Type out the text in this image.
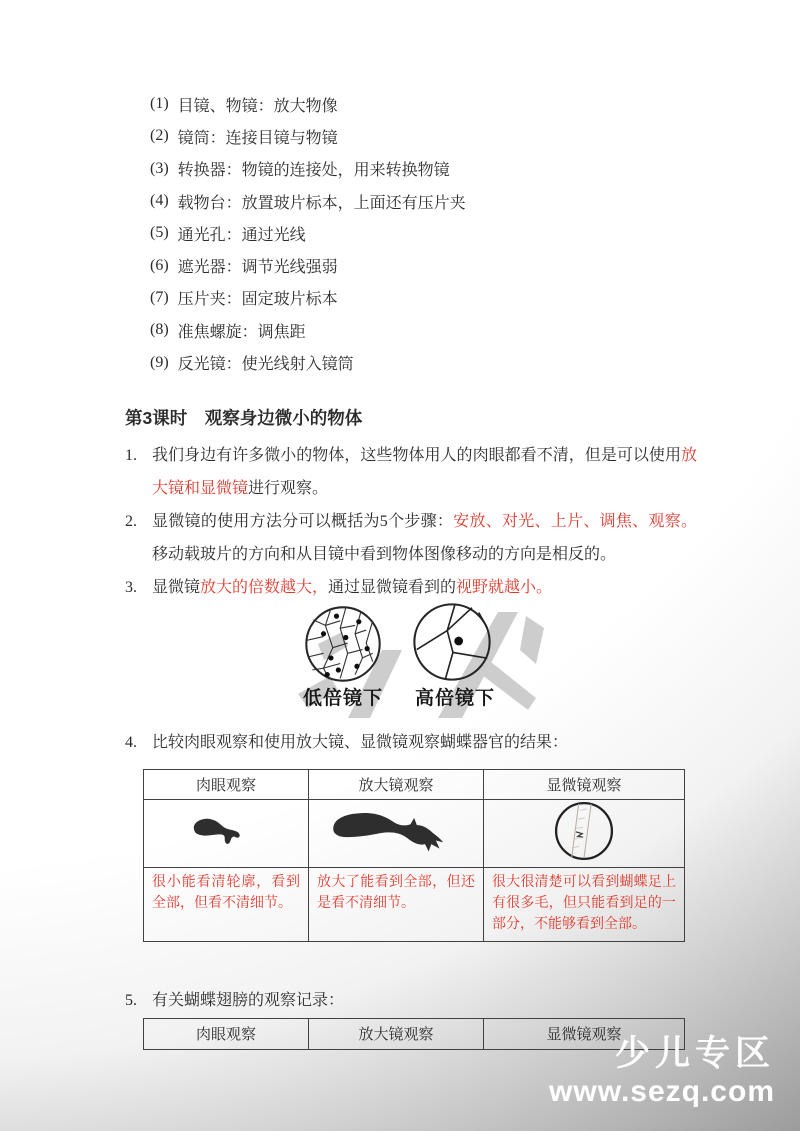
(1) 目镜、物镜：放大物像
(2) 镜筒：连接目镜与物镜
(3) 转换器：物镜的连接处，用来转换物镜
(4) 载物台：放置玻片标本，上面还有压片夹
(5) 通光孔：通过光线
(6) 遮光器：调节光线强弱
(7) 压片夹：固定玻片标本
(8) 准焦螺旋：调焦距
(9) 反光镜：使光线射入镜筒
第3课时　观察身边微小的物体
1. 我们身边有许多微小的物体，这些物体用人的肉眼都看不清，但是可以使用放大镜和显微镜进行观察。
2. 显微镜的使用方法分可以概括为5个步骤：安放、对光、上片、调焦、观察。移动载玻片的方向和从目镜中看到物体图像移动的方向是相反的。
3. 显微镜放大的倍数越大，通过显微镜看到的视野就越小。
低倍镜下	高倍镜下
4. 比较肉眼观察和使用放大镜、显微镜观察蝴蝶器官的结果：
肉眼观察	放大镜观察	显微镜观察

很小能看清轮廓，看到全部，但看不清细节。	放大了能看到全部，但还是看不清细节。	很大很清楚可以看到蝴蝶足上有很多毛，但只能看到足的一部分，不能够看到全部。
5. 有关蝴蝶翅膀的观察记录：
肉眼观察	放大镜观察	显微镜观察
少儿专区
www.sezq.com
